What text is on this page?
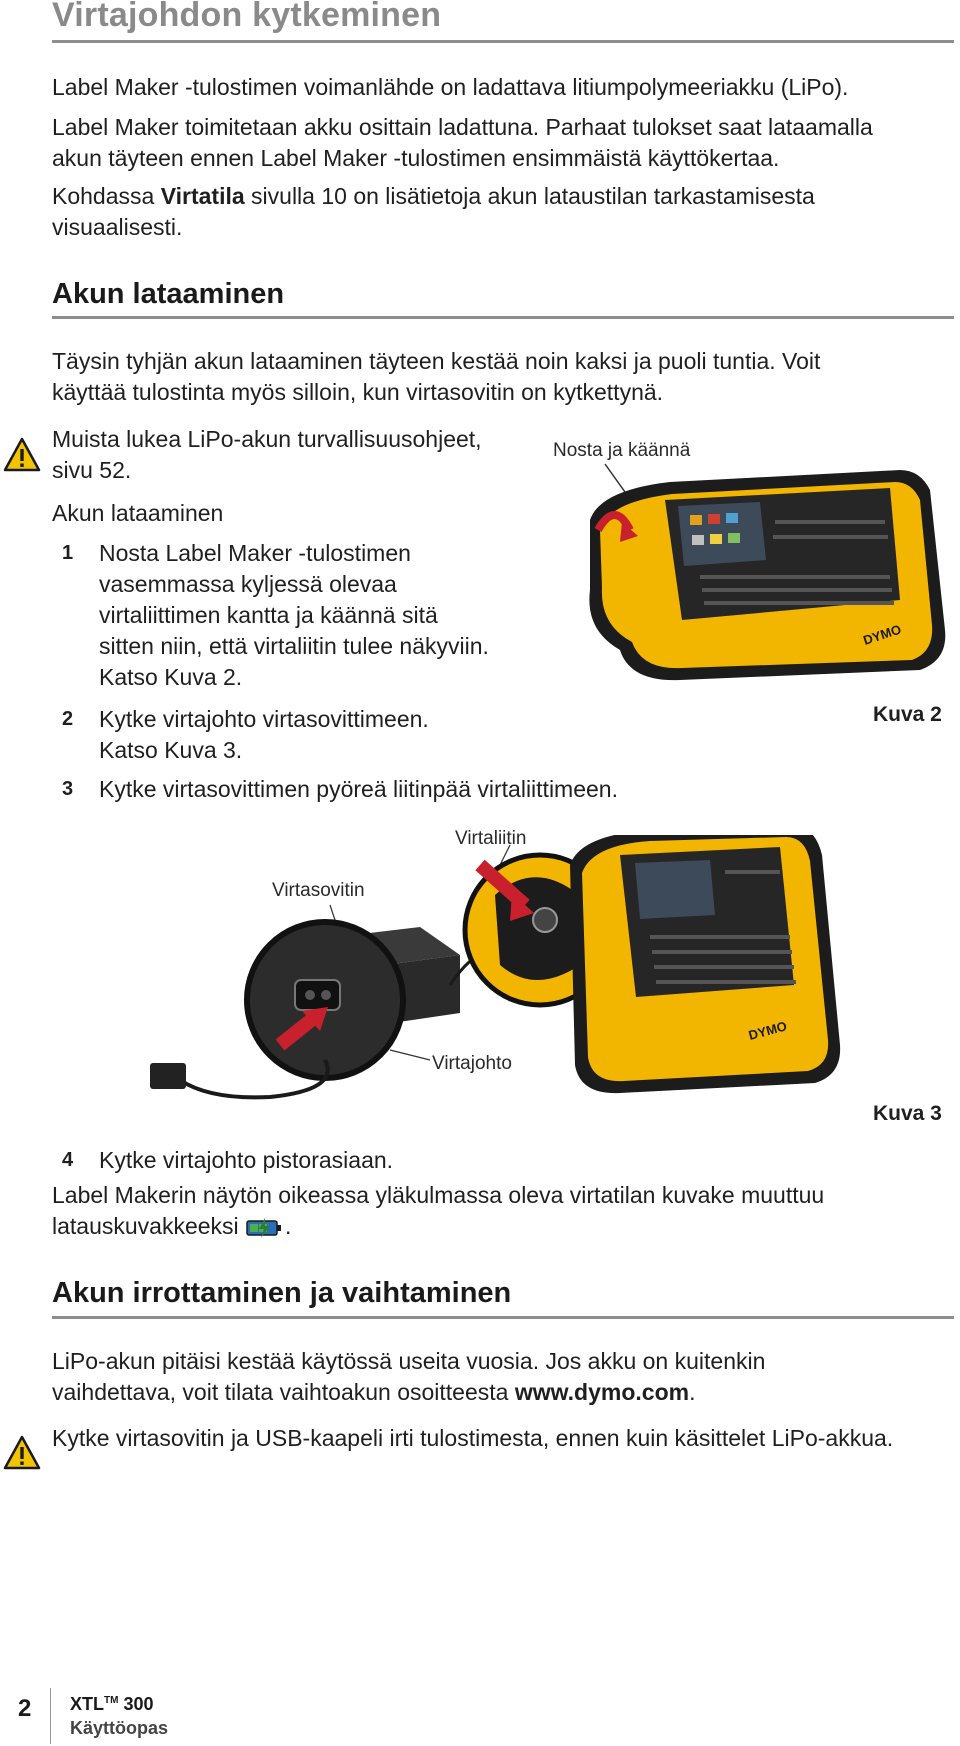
Virtajohdon kytkeminen

Label Maker -tulostimen voimanlähde on ladattava litiumpolymeeriakku (LiPo).

Label Maker toimitetaan akku osittain ladattuna. Parhaat tulokset saat lataamalla
akun täyteen ennen Label Maker -tulostimen ensimmäistä käyttökertaa.

Kohdassa Virtatila sivulla 10 on lisätietoja akun lataustilan tarkastamisesta
visuaalisesti.

Akun lataaminen

Täysin tyhjän akun lataaminen täyteen kestää noin kaksi ja puoli tuntia. Voit
käyttää tulostinta myös silloin, kun virtasovitin on kytkettynä.

Muista lukea LiPo-akun turvallisuusohjeet,
sivu 52.

Akun lataaminen

1 Nosta Label Maker -tulostimen
vasemmassa kyljessä olevaa
virtaliittimen kantta ja käännä sitä
sitten niin, että virtaliitin tulee näkyviin.
Katso Kuva 2.

2 Kytke virtajohto virtasovittimeen.
Katso Kuva 3.

3 Kytke virtasovittimen pyöreä liitinpää virtaliittimeen.

Nosta ja käännä
DYMO
Kuva 2
Virtaliitin
Virtasovitin
Virtajohto
DYMO
Kuva 3
4 Kytke virtajohto pistorasiaan.

Label Makerin näytön oikeassa yläkulmassa oleva virtatilan kuvake muuttuu
latauskuvakkeeksi .

Akun irrottaminen ja vaihtaminen

LiPo-akun pitäisi kestää käytössä useita vuosia. Jos akku on kuitenkin
vaihdettava, voit tilata vaihtoakun osoitteesta www.dymo.com.

Kytke virtasovitin ja USB-kaapeli irti tulostimesta, ennen kuin käsittelet LiPo-akkua.

2 XTL™ 300
Käyttöopas
